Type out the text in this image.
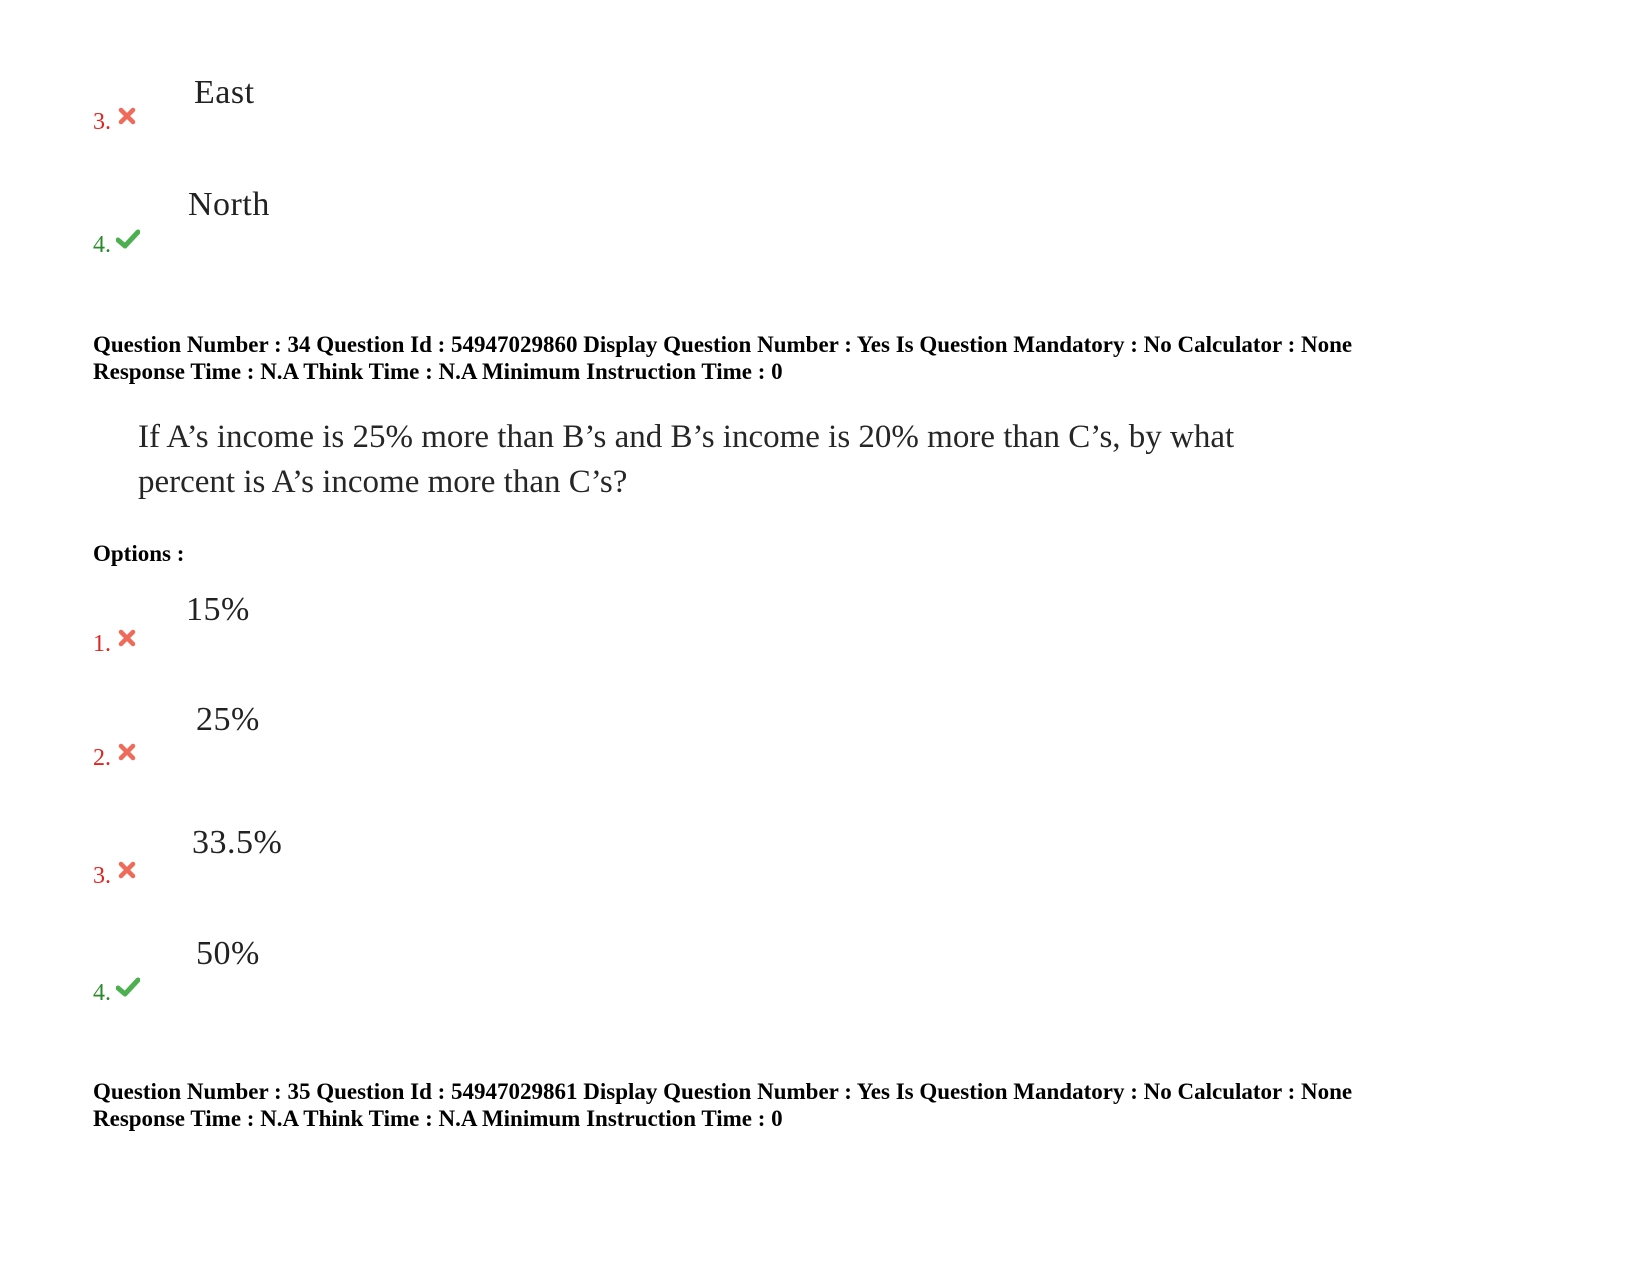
East
3.
North
4.
Question Number : 34 Question Id : 54947029860 Display Question Number : Yes Is Question Mandatory : No Calculator : None
Response Time : N.A Think Time : N.A Minimum Instruction Time : 0
If A’s income is 25% more than B’s and B’s income is 20% more than C’s, by what
percent is A’s income more than C’s?
Options :
15%
1.
25%
2.
33.5%
3.
50%
4.
Question Number : 35 Question Id : 54947029861 Display Question Number : Yes Is Question Mandatory : No Calculator : None
Response Time : N.A Think Time : N.A Minimum Instruction Time : 0
